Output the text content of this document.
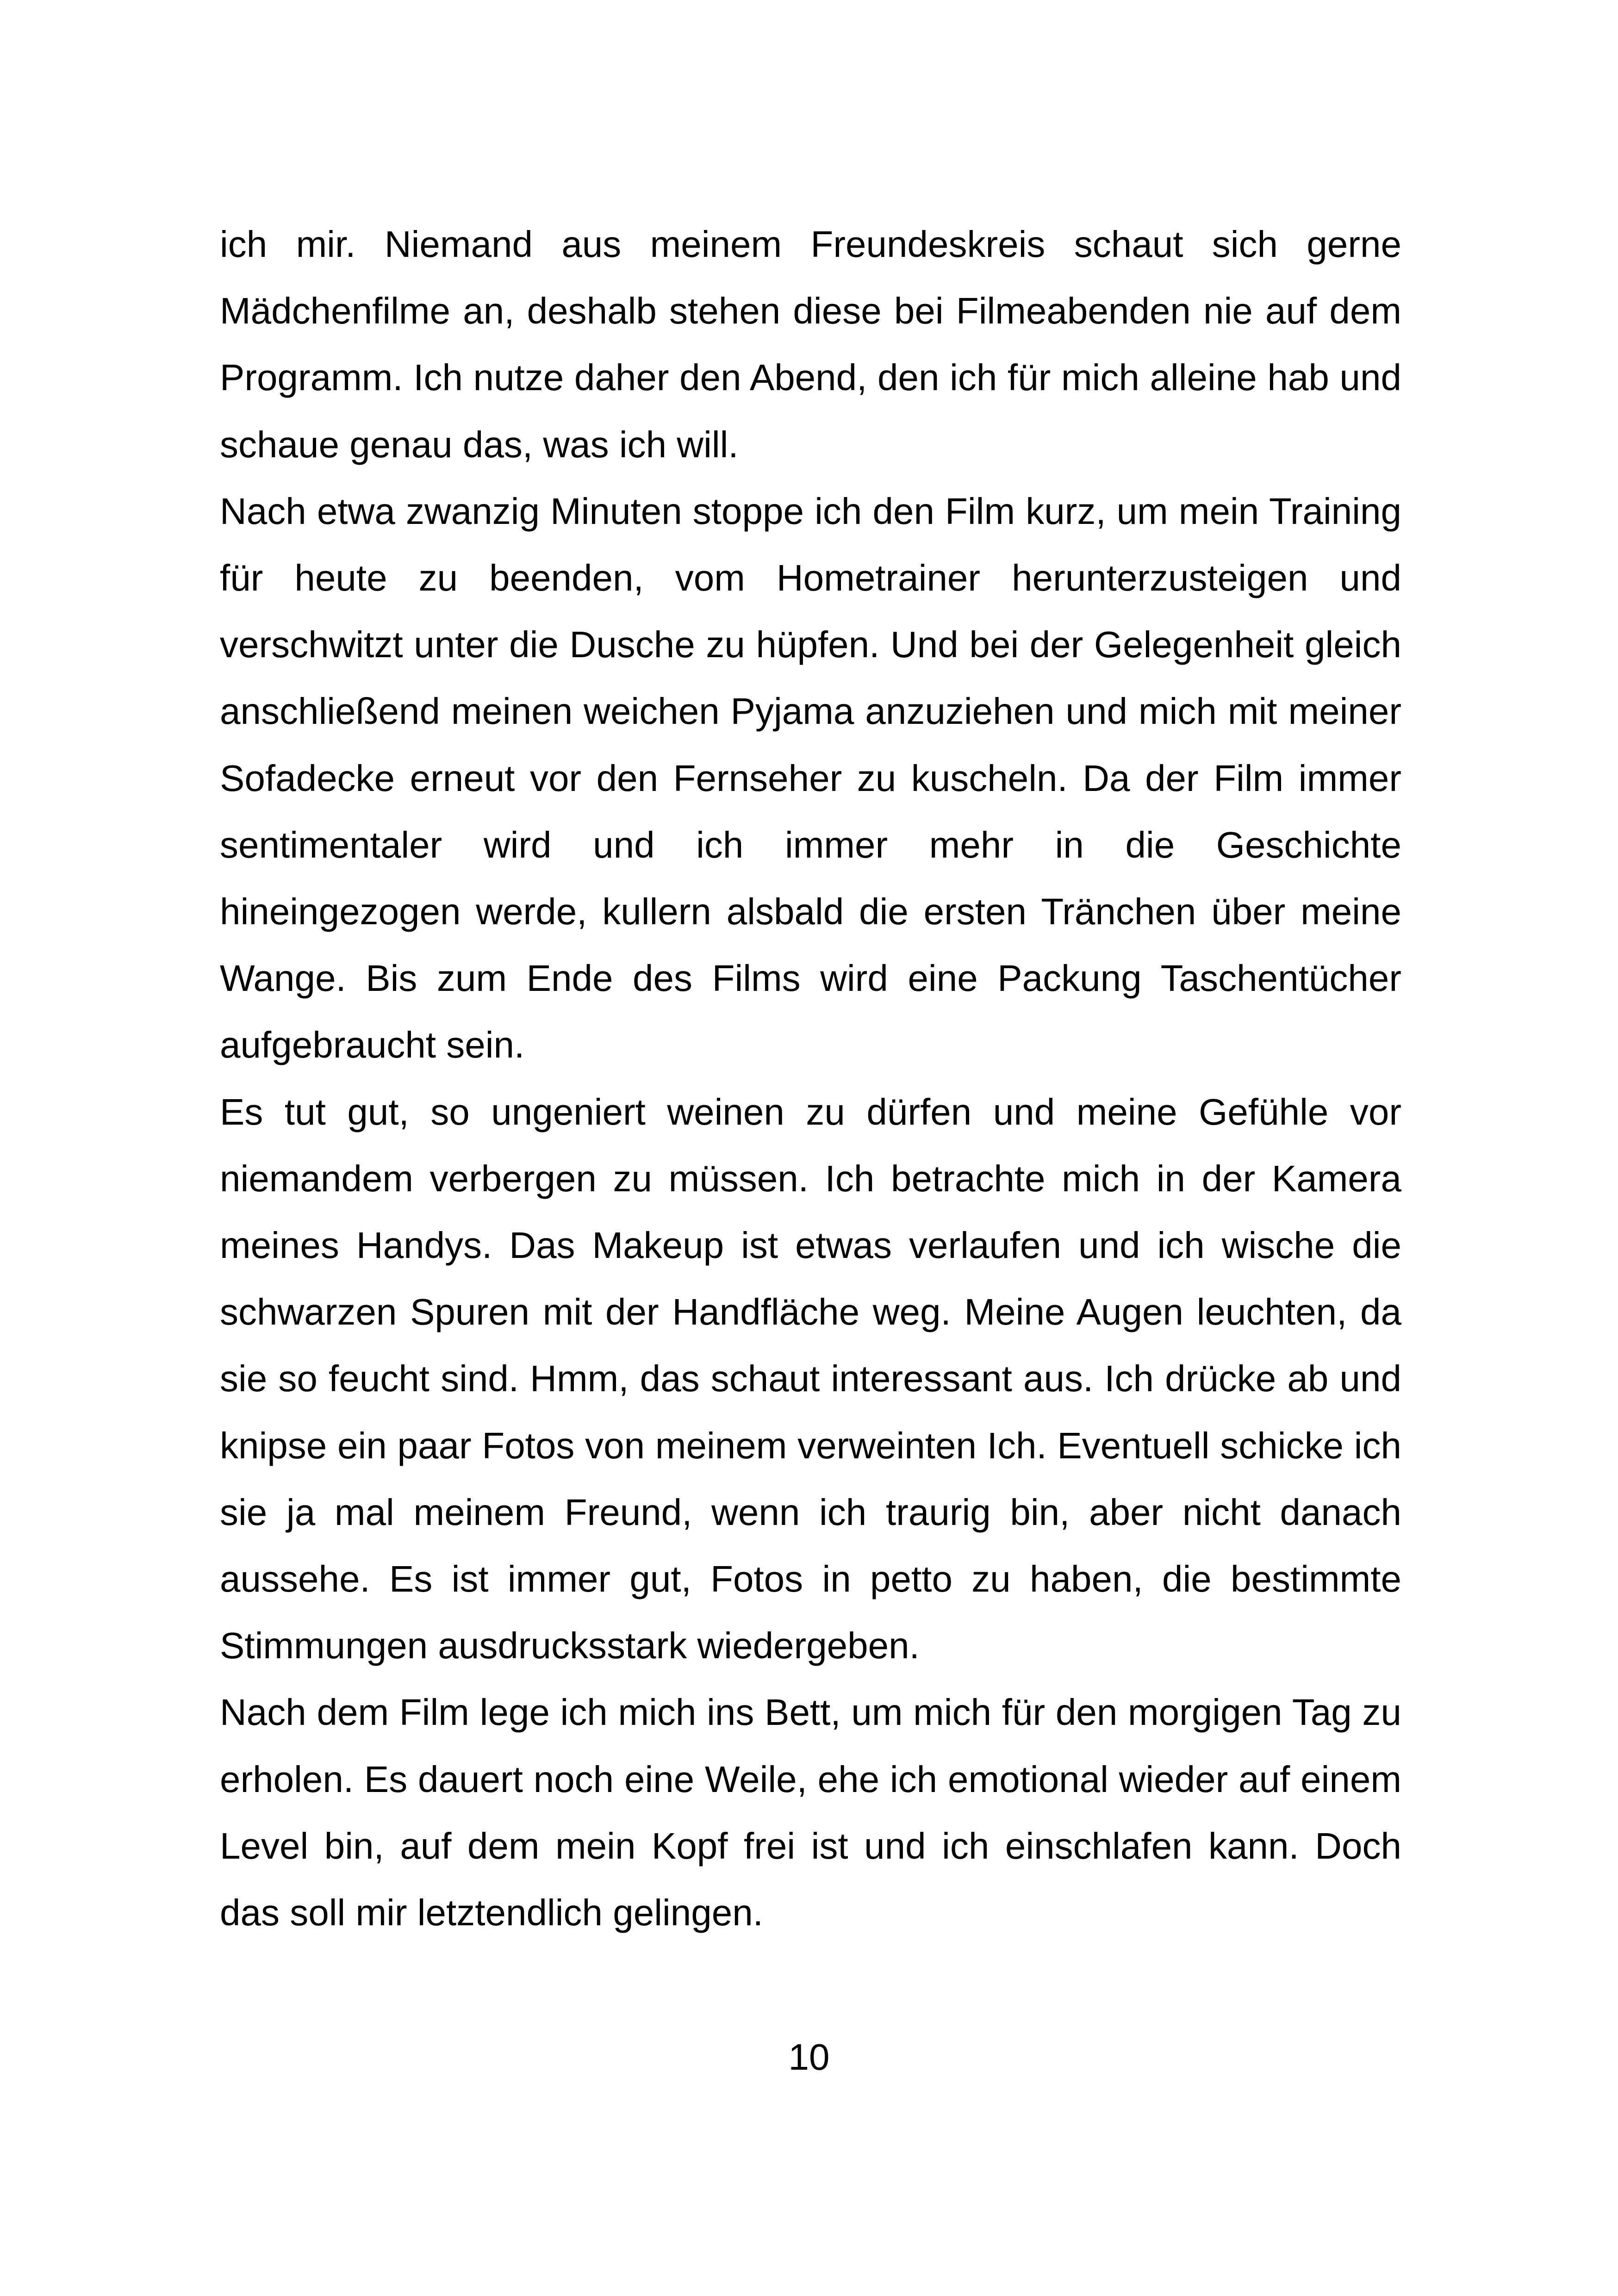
ich mir. Niemand aus meinem Freundeskreis schaut sich gerne Mädchenfilme an, deshalb stehen diese bei Filmeabenden nie auf dem Programm. Ich nutze daher den Abend, den ich für mich alleine hab und schaue genau das, was ich will.

Nach etwa zwanzig Minuten stoppe ich den Film kurz, um mein Training für heute zu beenden, vom Hometrainer herunterzusteigen und verschwitzt unter die Dusche zu hüpfen. Und bei der Gelegenheit gleich anschließend meinen weichen Pyjama anzuziehen und mich mit meiner Sofadecke erneut vor den Fernseher zu kuscheln. Da der Film immer sentimentaler wird und ich immer mehr in die Geschichte hineingezogen werde, kullern alsbald die ersten Tränchen über meine Wange. Bis zum Ende des Films wird eine Packung Taschentücher aufgebraucht sein.

Es tut gut, so ungeniert weinen zu dürfen und meine Gefühle vor niemandem verbergen zu müssen. Ich betrachte mich in der Kamera meines Handys. Das Makeup ist etwas verlaufen und ich wische die schwarzen Spuren mit der Handfläche weg. Meine Augen leuchten, da sie so feucht sind. Hmm, das schaut interessant aus. Ich drücke ab und knipse ein paar Fotos von meinem verweinten Ich. Eventuell schicke ich sie ja mal meinem Freund, wenn ich traurig bin, aber nicht danach aussehe. Es ist immer gut, Fotos in petto zu haben, die bestimmte Stimmungen ausdrucksstark wiedergeben.

Nach dem Film lege ich mich ins Bett, um mich für den morgigen Tag zu erholen. Es dauert noch eine Weile, ehe ich emotional wieder auf einem Level bin, auf dem mein Kopf frei ist und ich einschlafen kann. Doch das soll mir letztendlich gelingen.

10
